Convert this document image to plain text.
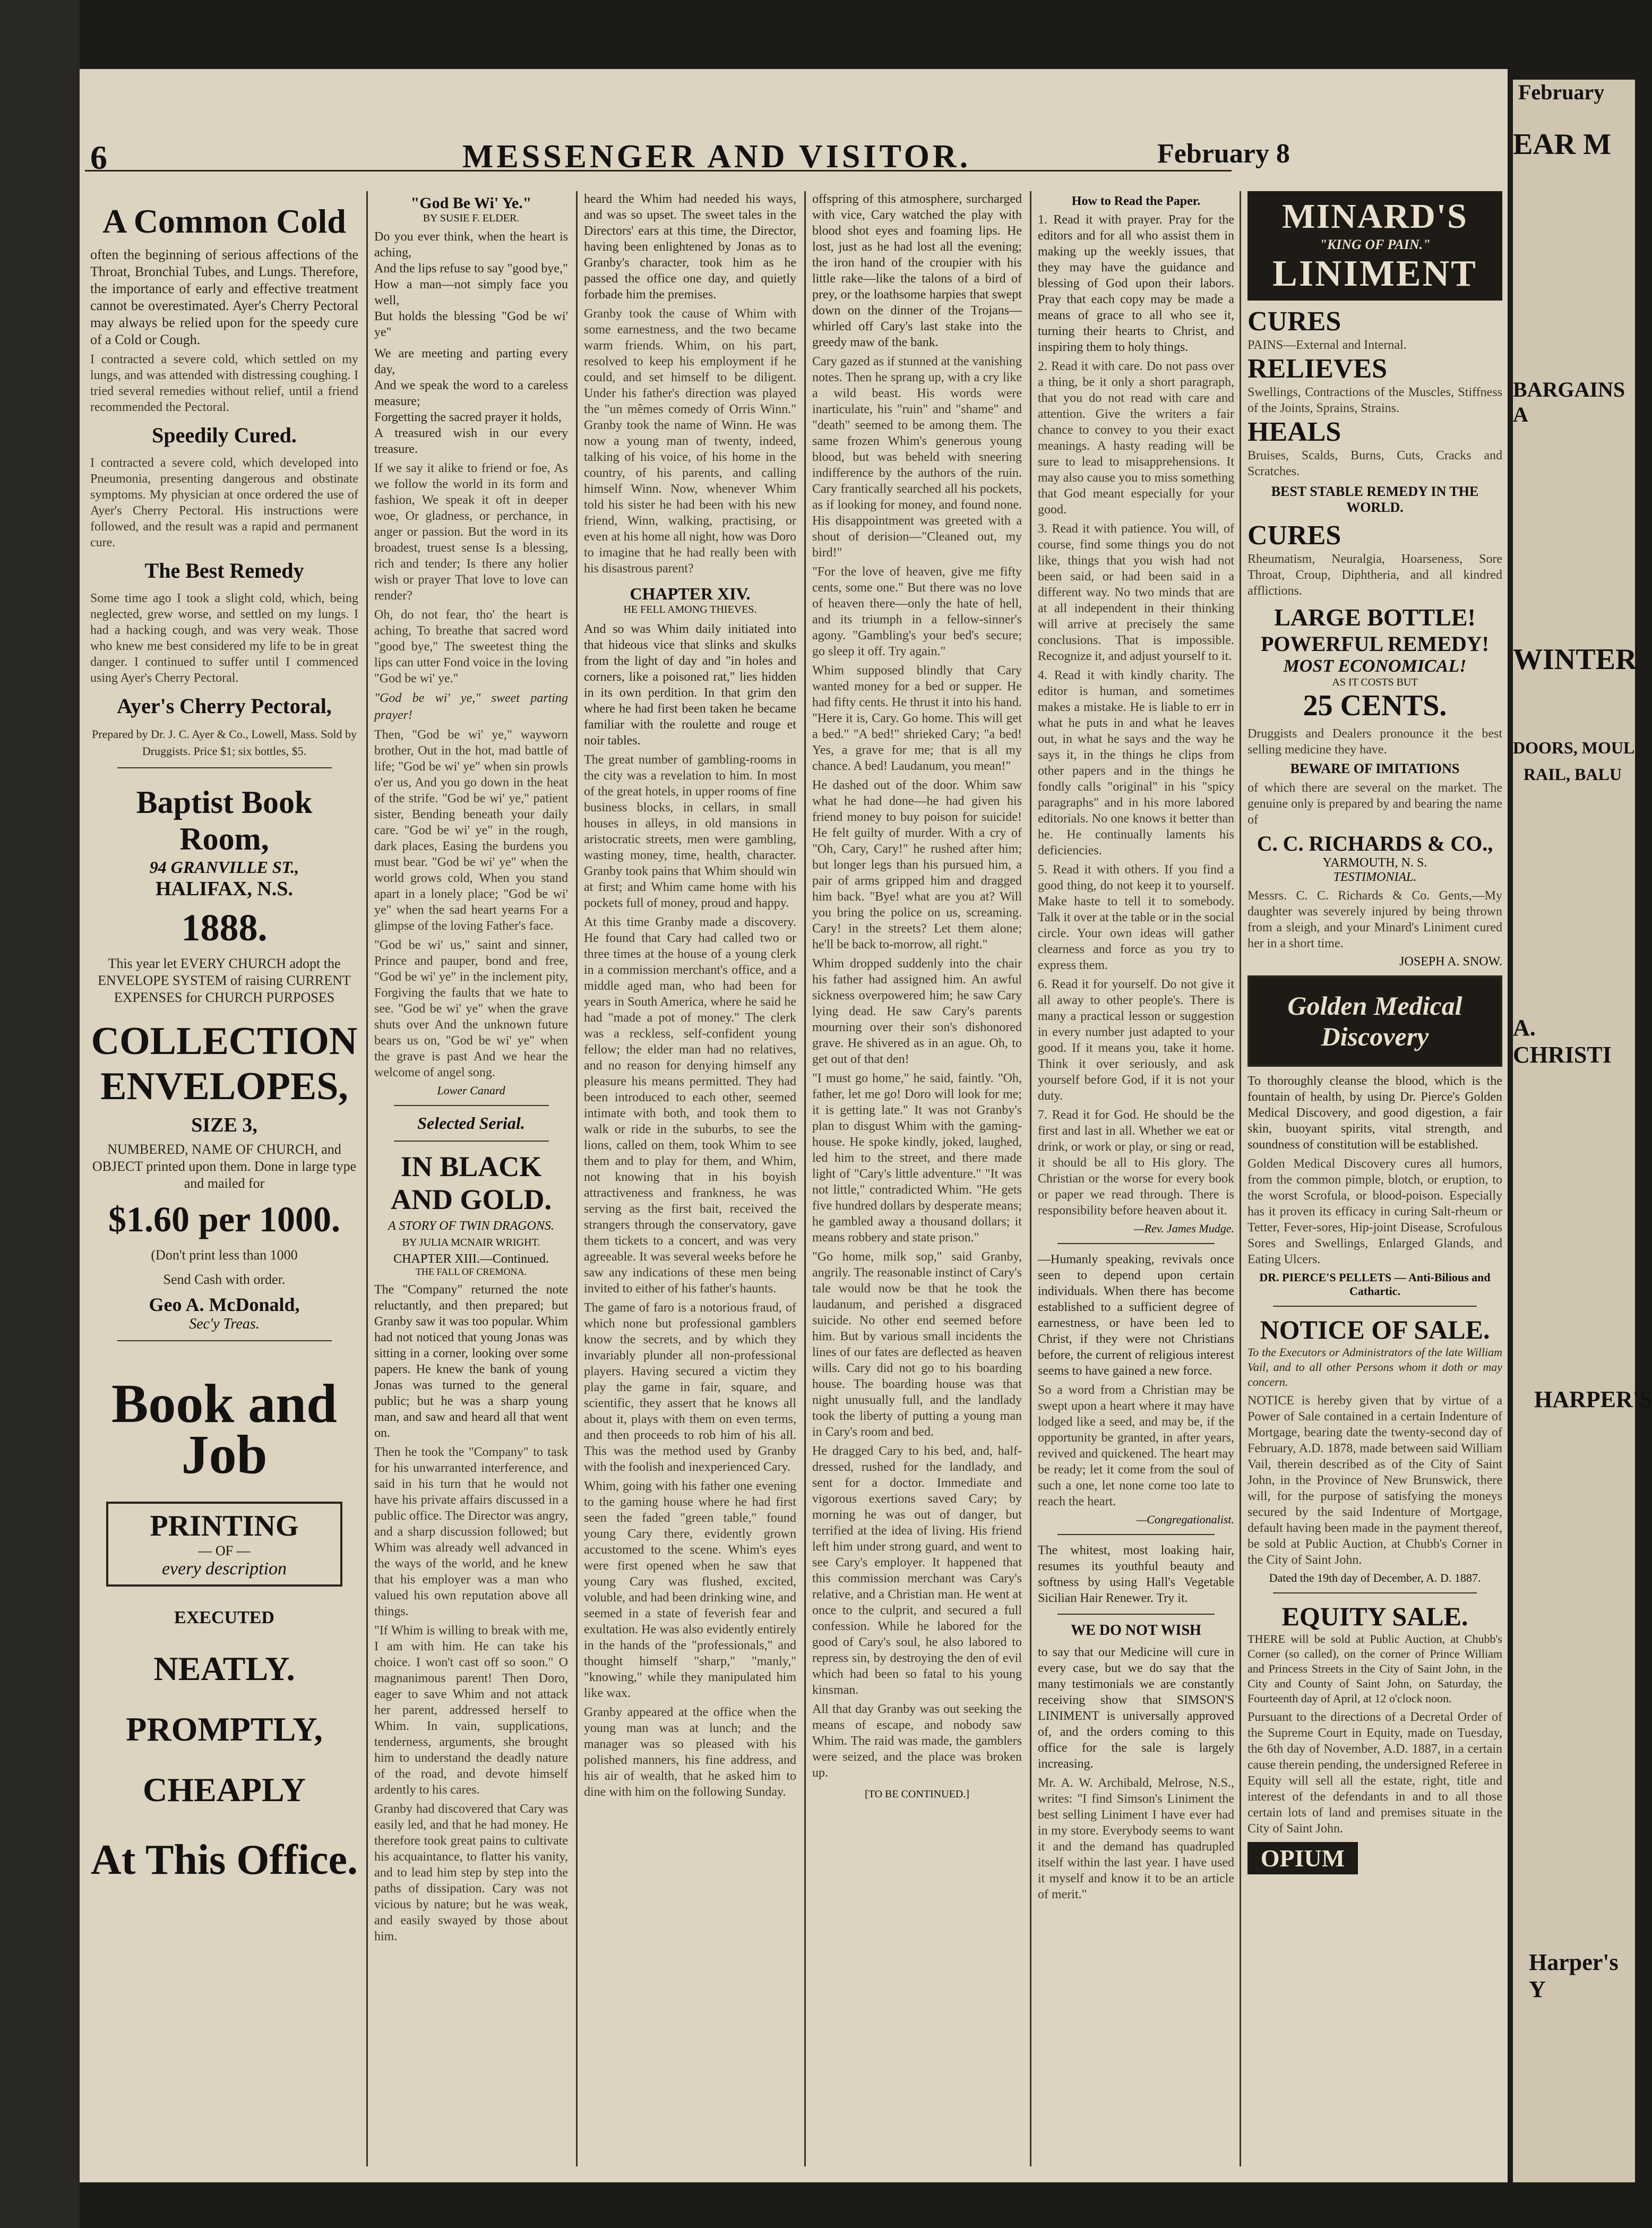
6	MESSENGER AND VISITOR.	February 8
A Common Cold
often the beginning of serious affections of the Throat, Bronchial Tubes, and Lungs. Therefore, the importance of early and effective treatment cannot be overestimated. Ayer's Cherry Pectoral may always be relied upon for the speedy cure of a Cold or Cough.
I contracted a severe cold, which settled on my lungs, and was attended with distressing coughing. I tried several remedies without relief, until a friend recommended the Pectoral.
Speedily Cured.
I contracted a severe cold, which developed into Pneumonia, presenting dangerous and obstinate symptoms. My physician at once ordered the use of Ayer's Cherry Pectoral. His instructions were followed, and the result was a rapid and permanent cure.
The Best Remedy
Some time ago I took a slight cold, which, being neglected, grew worse, and settled on my lungs. I had a hacking cough, and was very weak. Those who knew me best considered my life to be in great danger. I continued to suffer until I commenced using Ayer's Cherry Pectoral.
Ayer's Cherry Pectoral,
Prepared by Dr. J. C. Ayer & Co., Lowell, Mass. Sold by Druggists. Price $1; six bottles, $5.
Baptist Book Room,
94 GRANVILLE ST.,
HALIFAX, N.S.
1888.
This year let EVERY CHURCH adopt the ENVELOPE SYSTEM of raising CURRENT EXPENSES for CHURCH PURPOSES
COLLECTION
ENVELOPES,
SIZE 3,
NUMBERED, NAME OF CHURCH, and OBJECT printed upon them. Done in large type and mailed for
$1.60 per 1000.
(Don't print less than 1000
Send Cash with order.
Geo A. McDonald,
Sec'y Treas.
Book and Job
PRINTING
— OF —
every description
EXECUTED
NEATLY.
PROMPTLY,
CHEAPLY
At This Office.
"God Be Wi' Ye."
BY SUSIE F. ELDER.
Do you ever think, when the heart is aching,
And the lips refuse to say "good bye,"
How a man—not simply face you well,
But holds the blessing "God be wi' ye"
We are meeting and parting every day,
And we speak the word to a careless measure;
Forgetting the sacred prayer it holds,
A treasured wish in our every treasure.
If we say it alike to friend or foe, As we follow the world in its form and fashion, We speak it oft in deeper woe, Or gladness, or perchance, in anger or passion. But the word in its broadest, truest sense Is a blessing, rich and tender; Is there any holier wish or prayer That love to love can render?
Oh, do not fear, tho' the heart is aching, To breathe that sacred word "good bye," The sweetest thing the lips can utter Fond voice in the loving "God be wi' ye."
"God be wi' ye," sweet parting prayer!
Then, "God be wi' ye," wayworn brother, Out in the hot, mad battle of life; "God be wi' ye" when sin prowls o'er us, And you go down in the heat of the strife. "God be wi' ye," patient sister, Bending beneath your daily care. "God be wi' ye" in the rough, dark places, Easing the burdens you must bear. "God be wi' ye" when the world grows cold, When you stand apart in a lonely place; "God be wi' ye" when the sad heart yearns For a glimpse of the loving Father's face.
"God be wi' us," saint and sinner, Prince and pauper, bond and free, "God be wi' ye" in the inclement pity, Forgiving the faults that we hate to see. "God be wi' ye" when the grave shuts over And the unknown future bears us on, "God be wi' ye" when the grave is past And we hear the welcome of angel song.
Lower Canard
Selected Serial.
IN BLACK AND GOLD.
A STORY OF TWIN DRAGONS.
BY JULIA MCNAIR WRIGHT.
CHAPTER XIII.—Continued.
THE FALL OF CREMONA.
The "Company" returned the note reluctantly, and then prepared; but Granby saw it was too popular. Whim had not noticed that young Jonas was sitting in a corner, looking over some papers. He knew the bank of young Jonas was turned to the general public; but he was a sharp young man, and saw and heard all that went on.
Then he took the "Company" to task for his unwarranted interference, and said in his turn that he would not have his private affairs discussed in a public office. The Director was angry, and a sharp discussion followed; but Whim was already well advanced in the ways of the world, and he knew that his employer was a man who valued his own reputation above all things.
"If Whim is willing to break with me, I am with him. He can take his choice. I won't cast off so soon." O magnanimous parent! Then Doro, eager to save Whim and not attack her parent, addressed herself to Whim. In vain, supplications, tenderness, arguments, she brought him to understand the deadly nature of the road, and devote himself ardently to his cares.
Granby had discovered that Cary was easily led, and that he had money. He therefore took great pains to cultivate his acquaintance, to flatter his vanity, and to lead him step by step into the paths of dissipation. Cary was not vicious by nature; but he was weak, and easily swayed by those about him.
heard the Whim had needed his ways, and was so upset. The sweet tales in the Directors' ears at this time, the Director, having been enlightened by Jonas as to Granby's character, took him as he passed the office one day, and quietly forbade him the premises.
Granby took the cause of Whim with some earnestness, and the two became warm friends. Whim, on his part, resolved to keep his employment if he could, and set himself to be diligent. Under his father's direction was played the "un mêmes comedy of Orris Winn." Granby took the name of Winn. He was now a young man of twenty, indeed, talking of his voice, of his home in the country, of his parents, and calling himself Winn. Now, whenever Whim told his sister he had been with his new friend, Winn, walking, practising, or even at his home all night, how was Doro to imagine that he had really been with his disastrous parent?
CHAPTER XIV.
HE FELL AMONG THIEVES.
And so was Whim daily initiated into that hideous vice that slinks and skulks from the light of day and "in holes and corners, like a poisoned rat," lies hidden in its own perdition. In that grim den where he had first been taken he became familiar with the roulette and rouge et noir tables.
The great number of gambling-rooms in the city was a revelation to him. In most of the great hotels, in upper rooms of fine business blocks, in cellars, in small houses in alleys, in old mansions in aristocratic streets, men were gambling, wasting money, time, health, character. Granby took pains that Whim should win at first; and Whim came home with his pockets full of money, proud and happy.
At this time Granby made a discovery. He found that Cary had called two or three times at the house of a young clerk in a commission merchant's office, and a middle aged man, who had been for years in South America, where he said he had "made a pot of money." The clerk was a reckless, self-confident young fellow; the elder man had no relatives, and no reason for denying himself any pleasure his means permitted. They had been introduced to each other, seemed intimate with both, and took them to walk or ride in the suburbs, to see the lions, called on them, took Whim to see them and to play for them, and Whim, not knowing that in his boyish attractiveness and frankness, he was serving as the first bait, received the strangers through the conservatory, gave them tickets to a concert, and was very agreeable. It was several weeks before he saw any indications of these men being invited to either of his father's haunts.
The game of faro is a notorious fraud, of which none but professional gamblers know the secrets, and by which they invariably plunder all non-professional players. Having secured a victim they play the game in fair, square, and scientific, they assert that he knows all about it, plays with them on even terms, and then proceeds to rob him of his all. This was the method used by Granby with the foolish and inexperienced Cary.
Whim, going with his father one evening to the gaming house where he had first seen the faded "green table," found young Cary there, evidently grown accustomed to the scene. Whim's eyes were first opened when he saw that young Cary was flushed, excited, voluble, and had been drinking wine, and seemed in a state of feverish fear and exultation. He was also evidently entirely in the hands of the "professionals," and thought himself "sharp," "manly," "knowing," while they manipulated him like wax.
Granby appeared at the office when the young man was at lunch; and the manager was so pleased with his polished manners, his fine address, and his air of wealth, that he asked him to dine with him on the following Sunday.
offspring of this atmosphere, surcharged with vice, Cary watched the play with blood shot eyes and foaming lips. He lost, just as he had lost all the evening; the iron hand of the croupier with his little rake—like the talons of a bird of prey, or the loathsome harpies that swept down on the dinner of the Trojans—whirled off Cary's last stake into the greedy maw of the bank.
Cary gazed as if stunned at the vanishing notes. Then he sprang up, with a cry like a wild beast. His words were inarticulate, his "ruin" and "shame" and "death" seemed to be among them. The same frozen Whim's generous young blood, but was beheld with sneering indifference by the authors of the ruin. Cary frantically searched all his pockets, as if looking for money, and found none. His disappointment was greeted with a shout of derision—"Cleaned out, my bird!"
"For the love of heaven, give me fifty cents, some one." But there was no love of heaven there—only the hate of hell, and its triumph in a fellow-sinner's agony. "Gambling's your bed's secure; go sleep it off. Try again."
Whim supposed blindly that Cary wanted money for a bed or supper. He had fifty cents. He thrust it into his hand. "Here it is, Cary. Go home. This will get a bed." "A bed!" shrieked Cary; "a bed! Yes, a grave for me; that is all my chance. A bed! Laudanum, you mean!"
He dashed out of the door. Whim saw what he had done—he had given his friend money to buy poison for suicide! He felt guilty of murder. With a cry of "Oh, Cary, Cary!" he rushed after him; but longer legs than his pursued him, a pair of arms gripped him and dragged him back. "Bye! what are you at? Will you bring the police on us, screaming. Cary! in the streets? Let them alone; he'll be back to-morrow, all right."
Whim dropped suddenly into the chair his father had assigned him. An awful sickness overpowered him; he saw Cary lying dead. He saw Cary's parents mourning over their son's dishonored grave. He shivered as in an ague. Oh, to get out of that den!
"I must go home," he said, faintly. "Oh, father, let me go! Doro will look for me; it is getting late." It was not Granby's plan to disgust Whim with the gaming-house. He spoke kindly, joked, laughed, led him to the street, and there made light of "Cary's little adventure." "It was not little," contradicted Whim. "He gets five hundred dollars by desperate means; he gambled away a thousand dollars; it means robbery and state prison."
"Go home, milk sop," said Granby, angrily. The reasonable instinct of Cary's tale would now be that he took the laudanum, and perished a disgraced suicide. No other end seemed before him. But by various small incidents the lines of our fates are deflected as heaven wills. Cary did not go to his boarding house. The boarding house was that night unusually full, and the landlady took the liberty of putting a young man in Cary's room and bed.
He dragged Cary to his bed, and, half-dressed, rushed for the landlady, and sent for a doctor. Immediate and vigorous exertions saved Cary; by morning he was out of danger, but terrified at the idea of living. His friend left him under strong guard, and went to see Cary's employer. It happened that this commission merchant was Cary's relative, and a Christian man. He went at once to the culprit, and secured a full confession. While he labored for the good of Cary's soul, he also labored to repress sin, by destroying the den of evil which had been so fatal to his young kinsman.
All that day Granby was out seeking the means of escape, and nobody saw Whim. The raid was made, the gamblers were seized, and the place was broken up.
[TO BE CONTINUED.]
How to Read the Paper.
1. Read it with prayer. Pray for the editors and for all who assist them in making up the weekly issues, that they may have the guidance and blessing of God upon their labors. Pray that each copy may be made a means of grace to all who see it, turning their hearts to Christ, and inspiring them to holy things.
2. Read it with care. Do not pass over a thing, be it only a short paragraph, that you do not read with care and attention. Give the writers a fair chance to convey to you their exact meanings. A hasty reading will be sure to lead to misapprehensions. It may also cause you to miss something that God meant especially for your good.
3. Read it with patience. You will, of course, find some things you do not like, things that you wish had not been said, or had been said in a different way. No two minds that are at all independent in their thinking will arrive at precisely the same conclusions. That is impossible. Recognize it, and adjust yourself to it.
4. Read it with kindly charity. The editor is human, and sometimes makes a mistake. He is liable to err in what he puts in and what he leaves out, in what he says and the way he says it, in the things he clips from other papers and in the things he fondly calls "original" in his "spicy paragraphs" and in his more labored editorials. No one knows it better than he. He continually laments his deficiencies.
5. Read it with others. If you find a good thing, do not keep it to yourself. Make haste to tell it to somebody. Talk it over at the table or in the social circle. Your own ideas will gather clearness and force as you try to express them.
6. Read it for yourself. Do not give it all away to other people's. There is many a practical lesson or suggestion in every number just adapted to your good. If it means you, take it home. Think it over seriously, and ask yourself before God, if it is not your duty.
7. Read it for God. He should be the first and last in all. Whether we eat or drink, or work or play, or sing or read, it should be all to His glory. The Christian or the worse for every book or paper we read through. There is responsibility before heaven about it.
—Rev. James Mudge.
—Humanly speaking, revivals once seen to depend upon certain individuals. When there has become established to a sufficient degree of earnestness, or have been led to Christ, if they were not Christians before, the current of religious interest seems to have gained a new force.
So a word from a Christian may be swept upon a heart where it may have lodged like a seed, and may be, if the opportunity be granted, in after years, revived and quickened. The heart may be ready; let it come from the soul of such a one, let none come too late to reach the heart.
—Congregationalist.
The whitest, most loaking hair, resumes its youthful beauty and softness by using Hall's Vegetable Sicilian Hair Renewer. Try it.
WE DO NOT WISH
to say that our Medicine will cure in every case, but we do say that the many testimonials we are constantly receiving show that SIMSON'S LINIMENT is universally approved of, and the orders coming to this office for the sale is largely increasing.
Mr. A. W. Archibald, Melrose, N.S., writes: "I find Simson's Liniment the best selling Liniment I have ever had in my store. Everybody seems to want it and the demand has quadrupled itself within the last year. I have used it myself and know it to be an article of merit."
MINARD'S
"KING OF PAIN."
LINIMENT
CURES
PAINS—External and Internal.
RELIEVES
Swellings, Contractions of the Muscles, Stiffness of the Joints, Sprains, Strains.
HEALS
Bruises, Scalds, Burns, Cuts, Cracks and Scratches.
BEST STABLE REMEDY IN THE WORLD.
CURES
Rheumatism, Neuralgia, Hoarseness, Sore Throat, Croup, Diphtheria, and all kindred afflictions.
LARGE BOTTLE!
POWERFUL REMEDY!
MOST ECONOMICAL!
AS IT COSTS BUT
25 CENTS.
Druggists and Dealers pronounce it the best selling medicine they have.
BEWARE OF IMITATIONS
of which there are several on the market. The genuine only is prepared by and bearing the name of
C. C. RICHARDS & CO.,
YARMOUTH, N. S.
TESTIMONIAL.
Messrs. C. C. Richards & Co. Gents,—My daughter was severely injured by being thrown from a sleigh, and your Minard's Liniment cured her in a short time.
JOSEPH A. SNOW.
Golden Medical Discovery
To thoroughly cleanse the blood, which is the fountain of health, by using Dr. Pierce's Golden Medical Discovery, and good digestion, a fair skin, buoyant spirits, vital strength, and soundness of constitution will be established.
Golden Medical Discovery cures all humors, from the common pimple, blotch, or eruption, to the worst Scrofula, or blood-poison. Especially has it proven its efficacy in curing Salt-rheum or Tetter, Fever-sores, Hip-joint Disease, Scrofulous Sores and Swellings, Enlarged Glands, and Eating Ulcers.
DR. PIERCE'S PELLETS — Anti-Bilious and Cathartic.
NOTICE OF SALE.
To the Executors or Administrators of the late William Vail, and to all other Persons whom it doth or may concern.
NOTICE is hereby given that by virtue of a Power of Sale contained in a certain Indenture of Mortgage, bearing date the twenty-second day of February, A.D. 1878, made between said William Vail, therein described as of the City of Saint John, in the Province of New Brunswick, there will, for the purpose of satisfying the moneys secured by the said Indenture of Mortgage, default having been made in the payment thereof, be sold at Public Auction, at Chubb's Corner in the City of Saint John.
Dated the 19th day of December, A. D. 1887.
EQUITY SALE.
THERE will be sold at Public Auction, at Chubb's Corner (so called), on the corner of Prince William and Princess Streets in the City of Saint John, in the City and County of Saint John, on Saturday, the Fourteenth day of April, at 12 o'clock noon.
Pursuant to the directions of a Decretal Order of the Supreme Court in Equity, made on Tuesday, the 6th day of November, A.D. 1887, in a certain cause therein pending, the undersigned Referee in Equity will sell all the estate, right, title and interest of the defendants in and to all those certain lots of land and premises situate in the City of Saint John.
OPIUM
February
EAR M
BARGAINS A
WINTER
DOORS, MOUL
RAIL, BALU
A. CHRISTI
HARPER'S
Harper's Y
